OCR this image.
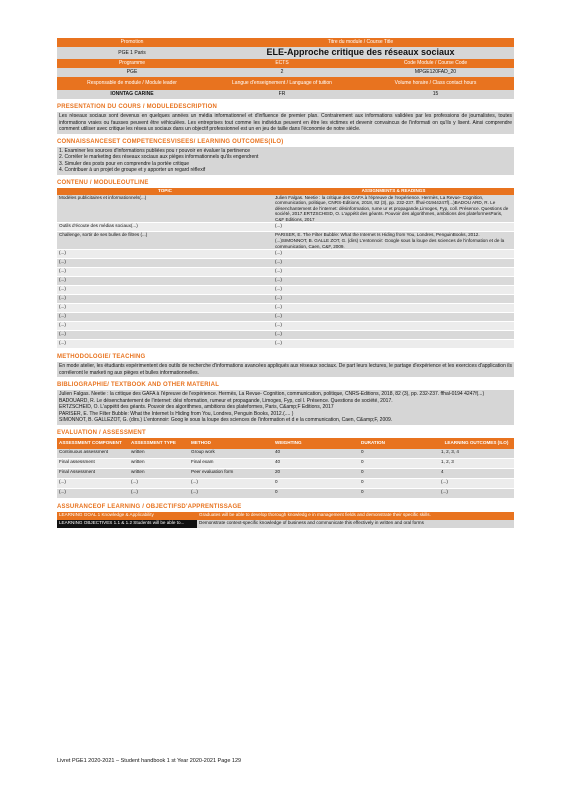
Promotion	Titre du module / Course Title
PGE 1 Paris	ELE-Approche critique des réseaux sociaux
Programme	ECTS	Code Module / Course Code
PGE	2	MPGE120FAD_20
Responsable de module / Module leader	Langue d'enseignement / Language of tuition	Volume horaire / Class contact hours
IONNTAG CARINE	FR	15
PRESENTATION DU COURS / MODULEDESCRIPTION
Les réseaux sociaux sont devenus en quelques années un média informationnel et d'influence de premier plan. Contrairement aux informations validées par les professions de journalistes, toutes informations vraies ou fausses peuvent être véhiculées. Les entreprises tout comme les individus peuvent en être les victimes et devenir convaincus de l'informati on qu'ils y lisent. Ainsi comprendre comment utiliser avec critique les résea ux sociaux dans un objectif professionnel est un en jeu de taille dans l'économie de notre siècle.
CONNAISSANCESET COMPETENCESVISEES/ LEARNING OUTCOMES(ILO)
1. Examiner les sources d'informations publiées pou r pouvoir en évaluer la pertinence
2. Corréler le marketing des réseaux sociaux aux pièges informationnels qu'ils engendrent
3. Simuler des posts pour en comprendre la portée critique
4. Contribuer à un projet de groupe et y apporter un regard réflexif
CONTENU / MODULEOUTLINE
TOPIC	ASSIGNMENTS & READINGS
Modèles publicitaires et informationnels(...)	Julien Falgas. Neetie : la critique des GAFA à l'épreuve de l'expérience. Hermès, La Revue- Cognition, communication, politique, CNRS-Editions, 2018, 82 (3), pp. 232-237. ffhal-01944247f(...)BADOU ARD, R. Le désenchantement de l'internet: désinformation, rume ur et propagande,Limoges, Fyp, coll. Présence. Questions de société, 2017.ERTZSCHEID, O. L'appétit des géants. Pouvoir des algorithmes, ambitions des plateformesParis, C&F Editions, 2017
Outils d'écoute des médias sociaux(...)	(...)
Challenge, sortir de ses bulles de filtres (...)	PARISER, E. The Filter Bubble: What the Internet Is Hiding from You, Londres, PenguinBooks, 2012.(...)SIMONNOT, B. GALLE ZOT, G. (dirs) L'entonnoir: Google sous la loupe des sciences de l'information et de la communication, Caen, C&F, 2009.
(...)	(...)
(...)	(...)
(...)	(...)
(...)	(...)
(...)	(...)
(...)	(...)
(...)	(...)
(...)	(...)
(...)	(...)
(...)	(...)
(...)	(...)
METHODOLOGIE/ TEACHING
En mode atelier, les étudiants expérimentent des outils de recherche d'informations avancées appliqués aux réseaux sociaux. De part leurs lectures, le partage d'expérience et les exercices d'application ils corréleront le marketi ng aux pièges et bulles informationnelles.
BIBLIOGRAPHIE/ TEXTBOOK AND OTHER MATERIAL
Julien Falgas. Neetie : la critique des GAFA à l'épreuve de l'expérience. Hermès, La Revue- Cognition, communication, politique, CNRS-Editions, 2018, 82 (3), pp. 232-237. ffhal-0194 4247f(...)
BADOUARD, R. Le désenchantement de l'internet: dési nformation, rumeur et propagande, Limoges, Fyp, col l. Présence. Questions de société, 2017.
ERTZSCHEID, O. L'appétit des géants. Pouvoir des algorithmes, ambitions des plateformes, Paris, C&amp;F Editions, 2017
PARISER, E. The Filter Bubble: What the Internet Is Hiding from You, Londres, Penguin Books, 2012.(.... )
SIMONNOT, B. GALLEZOT, G. (dirs.) L'entonnoir: Goog le sous la loupe des sciences de l'information et d e la communication, Caen, C&amp;F, 2009.
EVALUATION / ASSESSMENT
ASSESSMENT COMPONENT	ASSESSMENT TYPE	METHOD	WEIGHTING	DURATION	LEARNING OUTCOMES (ILO)
Continuous assessment	written	Group work	40	0	1, 2, 3, 4
Final assessment	written	Final exam	40	0	1, 2, 3
Final Assessment	written	Peer evaluation form	20	0	4
(...)	(...)	(...)	0	0	(...)
(...)	(...)	(...)	0	0	(...)
ASSURANCEOF LEARNING / OBJECTIFSD'APPRENTISSAGE
LEARNING GOAL 1 Knowledge & Applicability	Graduates will be able to develop thorough knowledg e in management fields and demonstrate their specific skills.
LEARNING OBJECTIVES 1.1 & 1.2 Students will be able to...	Demonstrate context-specific knowledge of business and communicate this effectively in written and oral forms
Livret PGE1 2020-2021 – Student handbook 1 st Year 2020-2021 Page 129
